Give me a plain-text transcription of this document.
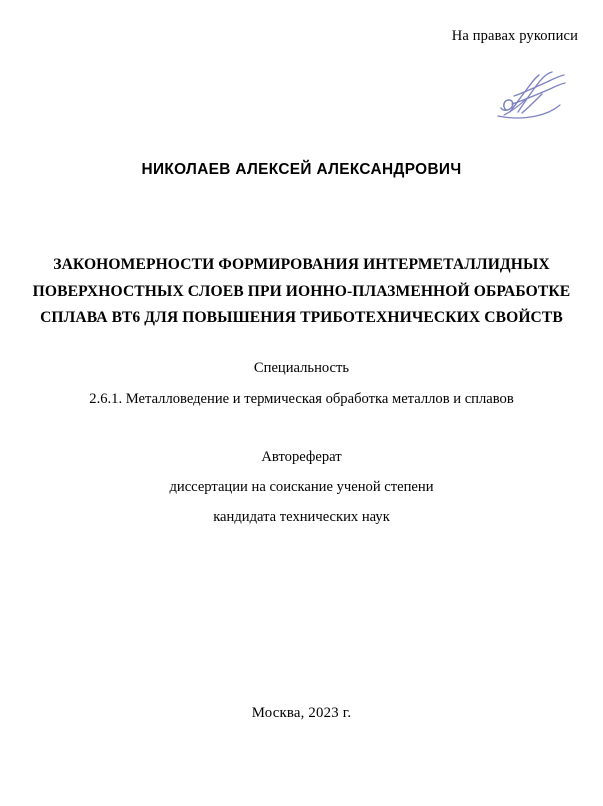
На правах рукописи
НИКОЛАЕВ АЛЕКСЕЙ АЛЕКСАНДРОВИЧ
ЗАКОНОМЕРНОСТИ ФОРМИРОВАНИЯ ИНТЕРМЕТАЛЛИДНЫХ
ПОВЕРХНОСТНЫХ СЛОЕВ ПРИ ИОННО-ПЛАЗМЕННОЙ ОБРАБОТКЕ
СПЛАВА ВТ6 ДЛЯ ПОВЫШЕНИЯ ТРИБОТЕХНИЧЕСКИХ СВОЙСТВ
Специальность
2.6.1. Металловедение и термическая обработка металлов и сплавов
Автореферат
диссертации на соискание ученой степени
кандидата технических наук
Москва, 2023 г.
